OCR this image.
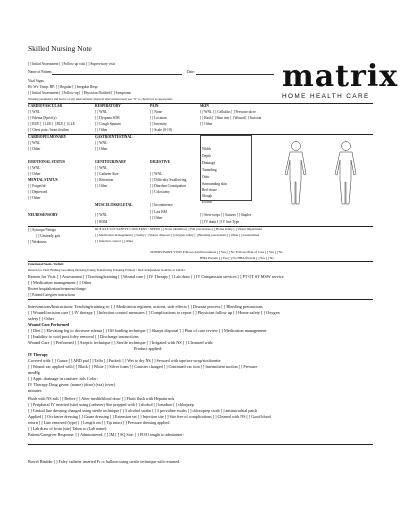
Skilled Nursing Note
[ ] Initial Assessment [ ] Follow up visit [ ] Supervisory visit
Name of Patient:	Date:
Vital Signs
Ht: Wt: Temp: BP: [ ] Regular [ ] Irregular Resp:
[ ] Initial Assessment [ ] Follow-up [ ] Physician Notified [ ] Symptoms
Warning parameters and notice of any interventions/ physical intervention need; see "X" or check box as appropriate
matrix
HOME HEALTH CARE
CARDIOVASCULAR	RESPIRATORY	PAIN	SKIN
[ ] WNL	[ ] WNL	[ ] None	[ ] WNL [ ] Cellulitis [ ] Pressure ulcer
[ ] Edema (Specify)	[ ] Dyspnea SOB	[ ] Location	[ ] Rash [ ] Skin tear [ ] Wound [ ] Incision
[ ] RUE [ ] LUE [ ] RLE [ ] LLE	[ ] Cough Sputum	[ ] Intensity	[ ] Other
[ ] Chest pain / heart rhythm	[ ] Other	[ ] Scale (0-10)
CARDIOPULMONARY
[ ] WNL
[ ] Other
EMOTIONAL STATUS
[ ] WNL
[ ] Other
MENTAL STATUS
[ ] Forgetful
[ ] Depressed
[ ] Other
NEUROSENSORY
[ ] Syncope/Vertigo
[ ] Unsteady gait
[ ] Weakness
GASTROINTESTINAL
[ ] WNL
[ ] Other
GENITOURINARY
[ ] WNL
[ ] Catheter Size
[ ] Retention
[ ] Other
MUSCULOSKELETAL
[ ] WNL
[ ] ROM
DIGESTIVE
[ ] WNL
[ ] Difficulty Swallowing
[ ] Diarrhea Constipation
[ ] Colostomy
[ ] Incontinence
[ ] Last BM
[ ] Other
Width
Depth
Drainage
Tunneling
Odor
Surrounding skin
Red tissue
Slough
Eschar
[ ] Steri-strips [ ] Sutures [ ] Staples
[ ] IV drain [ ] IV line Type
RUE RLE LLE SAFETY CONCERNS / NEEDS [ ] None identified [ ] Fall precautions [ ] Home safety [ ] Visual Impairment
[ ] Medication management [ ] Safety [ ] Sharps disposal [ ] Oxygen safety [ ] Bleeding precautions [ ] Other [ ] Generalized
[ ] Infection control [ ] Other
SUPERVISORY VISIT Follows Aid Precautions [ ] Yes [ ] No Follows Plan of Care [ ] Yes [ ] No
HHA Present [ ] Yes [ ] No HHA Present [ ] Yes [ ] No
Functional Needs / Deficit:
Reason for Visit: Bathing Grooming Dressing Eating Transferring Toileting Primary / Instr independent in ADLs or IADLs
Reason for Visit: [ ] Assessment [ ] Teaching/training [ ] Wound care [ ] IV Therapy [ ] Lab draw [ ] IV Compassion services [ ] PT OT ST MSW service
[ ] Medication management [ ] Other
Recent hospitalization/treatment/change:
[ ] Patient/Caregiver instructions
Interventions/Instructions: Teaching/training re: [ ] Medication regimen, actions, side effects [ ] Disease process [ ] Bleeding precautions
[ ] Wound/incision care [ ] IV therapy [ ] Infection control measures [ ] Complications to report [ ] Physician follow up [ ] Home safety [ ] Oxygen
safety [ ] Other
Wound Care Performed
[ ] Diet [ ] Elevating leg to decrease edema [ ] Off loading technique [ ] Sharps disposal [ ] Plan of care review [ ] Medication management
[ ] Inability to void post foley removal [ ] Discharge instructions
Wound Care [ ] Performed [ ] Aseptic technique [ ] Sterile technique [ ] Irrigated with NS [ ] Cleansed with:
Product applied:
IV Therapy
Covered with: [ ] Gauze [ ] ABD pad [ ] Telfa [ ] Packed: [ ] Wet to dry NS [ ] Secured with tape/ace wrap/stockinette
[ ] Wound vac applied with [ ] Black [ ] White [ ] Silver foam [ ] Canister changed [ ] Continued vac tion [ ] Intermittent suction [ ] Pressure
mmHg
[ ] Appt: drainage in canister: mls Color:
IV Therapy Drug given: (name) (dose) (via) (over)
minutes
Flush with NS mls [ ] Before [ ] After medth/blood draw [ ] Flush flush with Heparin mls
[ ] Peripheral IV inserted (site) using (catheter) Site prepped with [ ] alcohol [ ] betadine [ ] chlorprep
[ ] Central line dressing changed using sterile technique [ ] 3 alcohol swabs [ ] 3 providine swabs [ ] chloroprep swab [ ] antimicrobial patch
Applied [ ] Occlusive dressing [ ] Gauze dressing [ ] Extension set [ ] Injection site [ ] Site free of complications [ ] Cleaned with NS [ ] Good blood
return [ ] Line removed (type) [ ] Length cm [ ] Tip intact [ ] Pressure dressing applied
[ ] Lab draw of from (site) Taken to (Lab name):
Patient/Caregiver Response: [ ] Administered: [ ] IM [ ] SQ Site: [ ] PO/O taught to administer:
Bowel Bladder [ ] Foley catheter inserted Fr cc balloon using sterile technique with returned
